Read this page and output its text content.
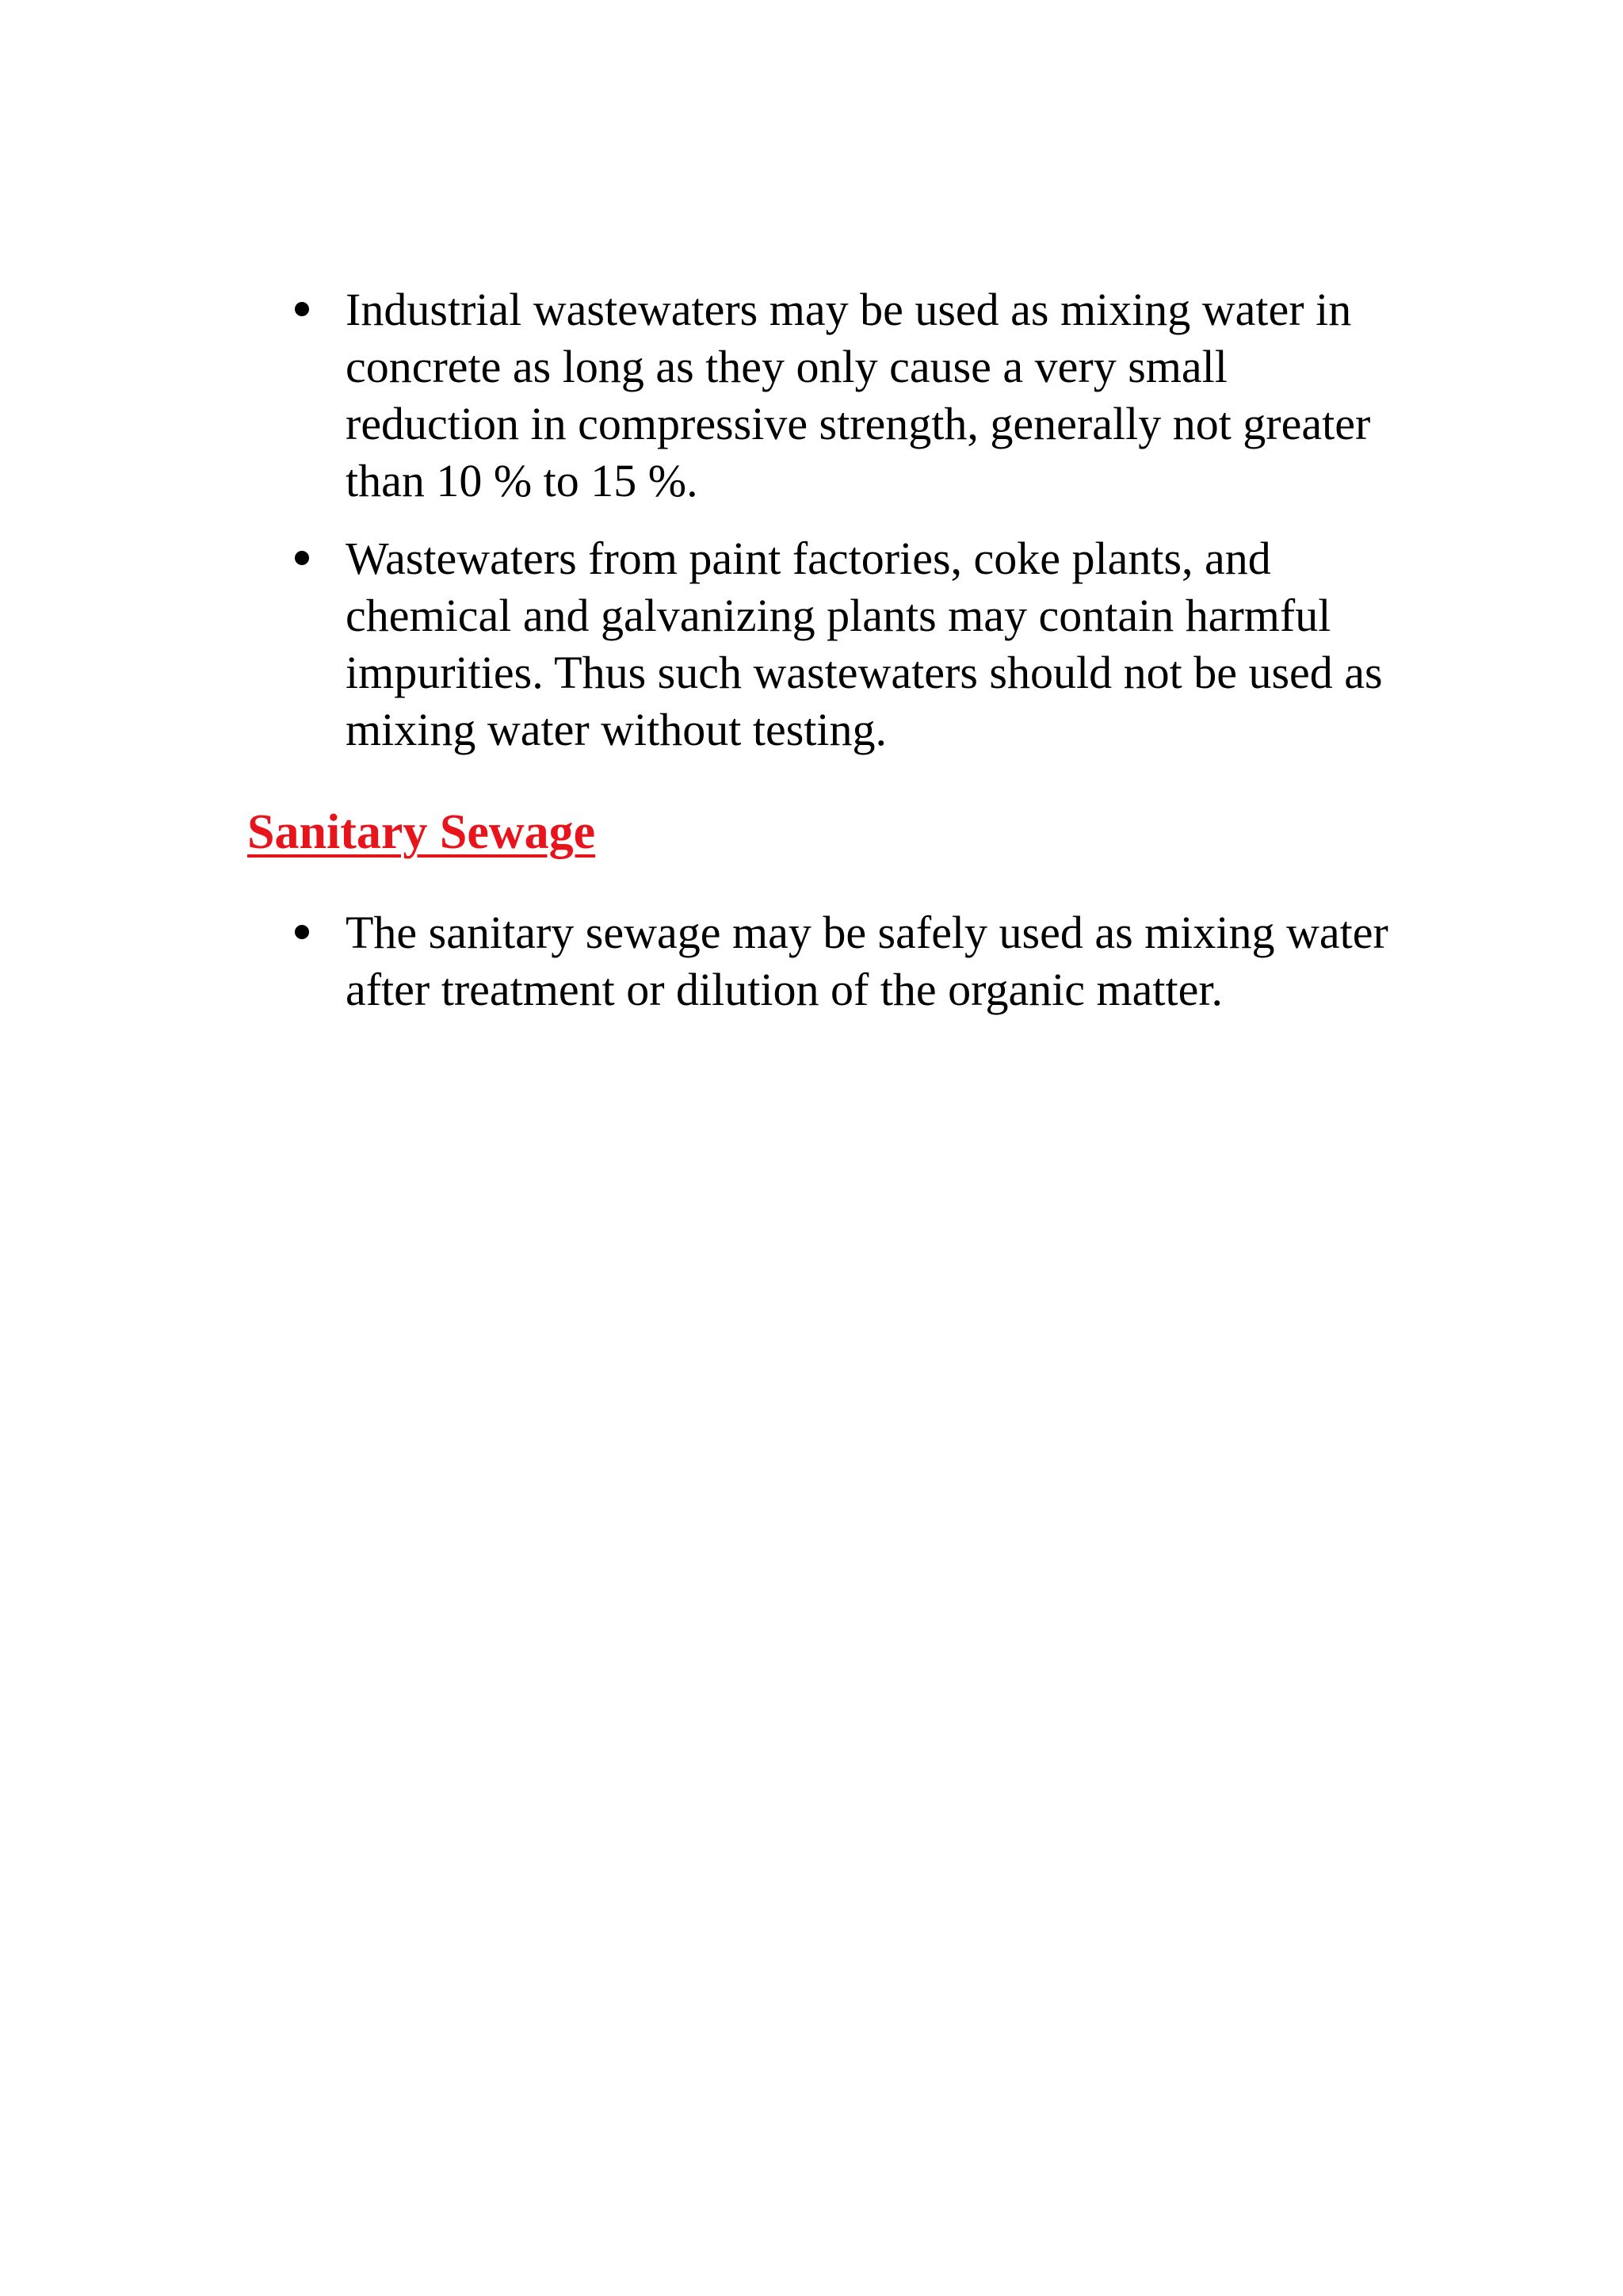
Industrial wastewaters may be used as mixing water in concrete as long as they only cause a very small reduction in compressive strength, generally not greater than 10 % to 15 %.
Wastewaters from paint factories, coke plants, and chemical and galvanizing plants may contain harmful impurities. Thus such wastewaters should not be used as mixing water without testing.
Sanitary Sewage
The sanitary sewage may be safely used as mixing water after treatment or dilution of the organic matter.
